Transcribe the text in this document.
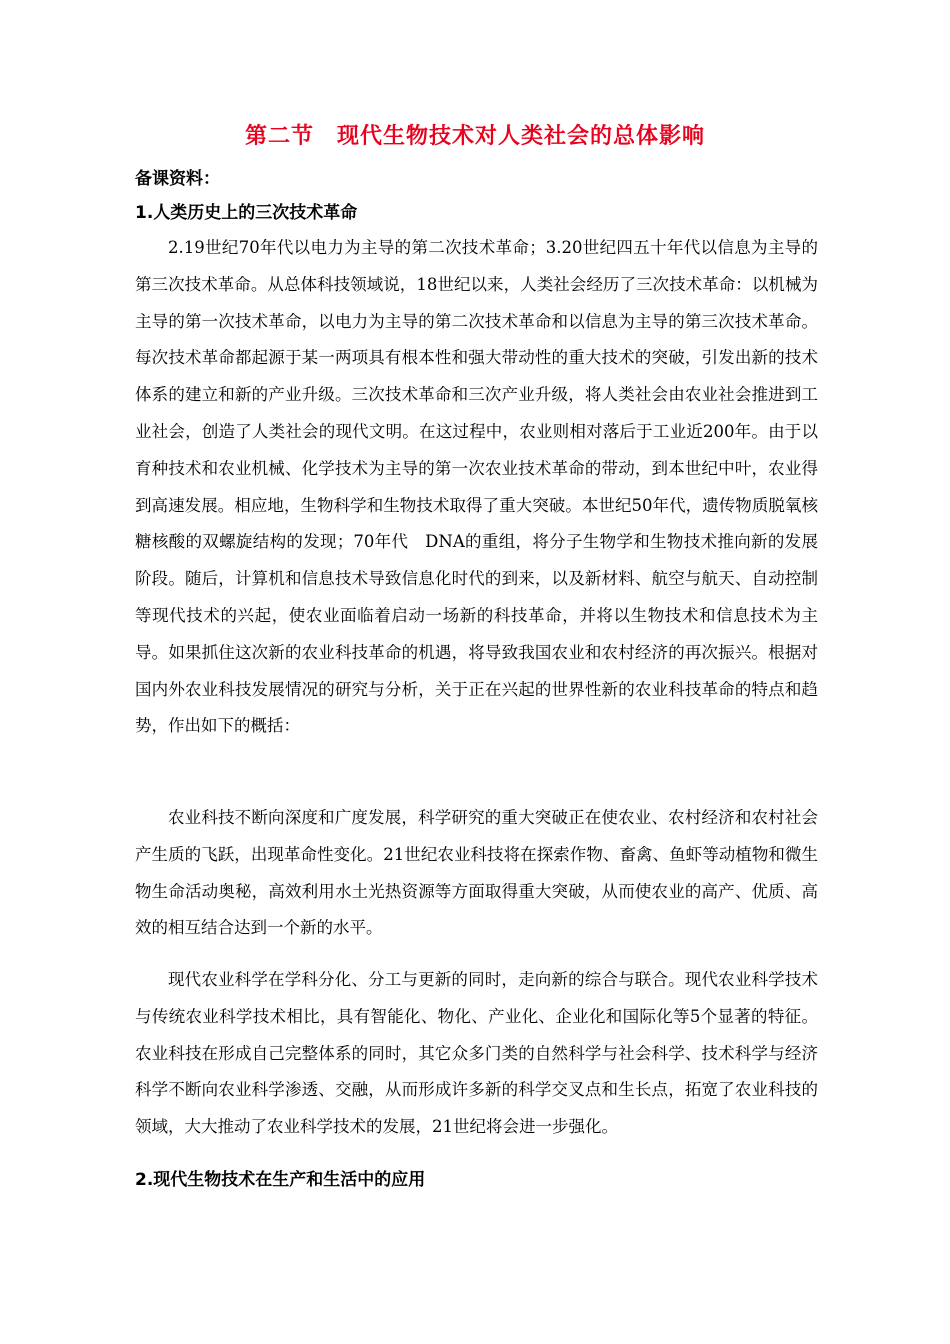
第二节　现代生物技术对人类社会的总体影响
备课资料：
1.人类历史上的三次技术革命

2.19世纪70年代以电力为主导的第二次技术革命；3.20世纪四五十年代以信息为主导的第三次技术革命。从总体科技领域说，18世纪以来，人类社会经历了三次技术革命：以机械为主导的第一次技术革命，以电力为主导的第二次技术革命和以信息为主导的第三次技术革命。每次技术革命都起源于某一两项具有根本性和强大带动性的重大技术的突破，引发出新的技术体系的建立和新的产业升级。三次技术革命和三次产业升级，将人类社会由农业社会推进到工业社会，创造了人类社会的现代文明。在这过程中，农业则相对落后于工业近200年。由于以育种技术和农业机械、化学技术为主导的第一次农业技术革命的带动，到本世纪中叶，农业得到高速发展。相应地，生物科学和生物技术取得了重大突破。本世纪50年代，遗传物质脱氧核糖核酸的双螺旋结构的发现；70年代　DNA的重组，将分子生物学和生物技术推向新的发展阶段。随后，计算机和信息技术导致信息化时代的到来，以及新材料、航空与航天、自动控制等现代技术的兴起，使农业面临着启动一场新的科技革命，并将以生物技术和信息技术为主导。如果抓住这次新的农业科技革命的机遇，将导致我国农业和农村经济的再次振兴。根据对国内外农业科技发展情况的研究与分析，关于正在兴起的世界性新的农业科技革命的特点和趋势，作出如下的概括：

农业科技不断向深度和广度发展，科学研究的重大突破正在使农业、农村经济和农村社会产生质的飞跃，出现革命性变化。21世纪农业科技将在探索作物、畜禽、鱼虾等动植物和微生物生命活动奥秘，高效利用水土光热资源等方面取得重大突破，从而使农业的高产、优质、高效的相互结合达到一个新的水平。

现代农业科学在学科分化、分工与更新的同时，走向新的综合与联合。现代农业科学技术与传统农业科学技术相比，具有智能化、物化、产业化、企业化和国际化等5个显著的特征。农业科技在形成自己完整体系的同时，其它众多门类的自然科学与社会科学、技术科学与经济科学不断向农业科学渗透、交融，从而形成许多新的科学交叉点和生长点，拓宽了农业科技的领域，大大推动了农业科学技术的发展，21世纪将会进一步强化。

2.现代生物技术在生产和生活中的应用
